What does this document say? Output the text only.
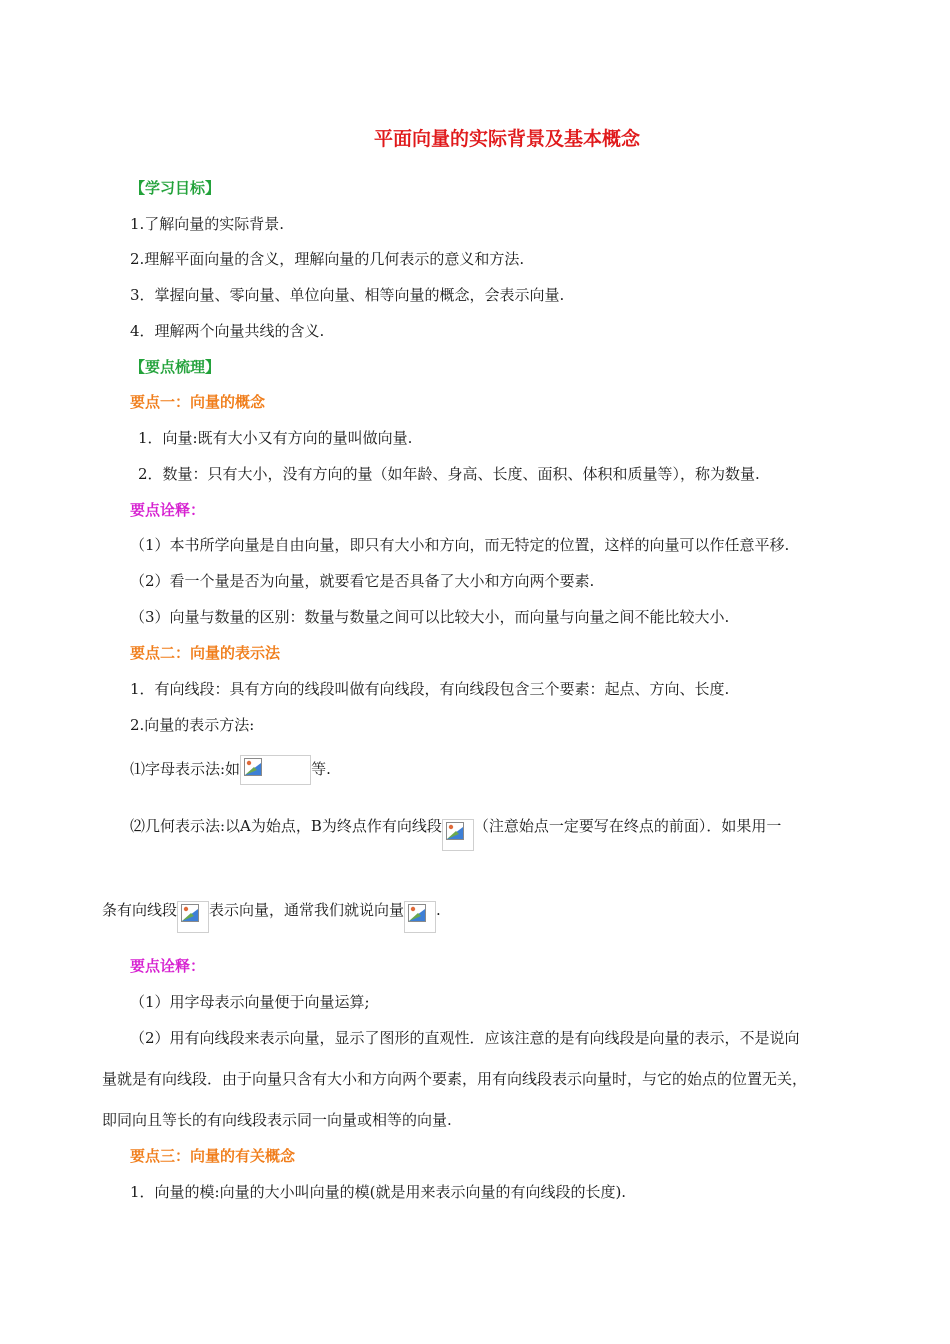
平面向量的实际背景及基本概念
【学习目标】
1.了解向量的实际背景.
2.理解平面向量的含义，理解向量的几何表示的意义和方法.
3．掌握向量、零向量、单位向量、相等向量的概念，会表示向量.
4．理解两个向量共线的含义.
【要点梳理】
要点一：向量的概念
1．向量:既有大小又有方向的量叫做向量.
2．数量：只有大小，没有方向的量（如年龄、身高、长度、面积、体积和质量等），称为数量.
要点诠释：
（1）本书所学向量是自由向量，即只有大小和方向，而无特定的位置，这样的向量可以作任意平移.
（2）看一个量是否为向量，就要看它是否具备了大小和方向两个要素.
（3）向量与数量的区别：数量与数量之间可以比较大小，而向量与向量之间不能比较大小.
要点二：向量的表示法
1．有向线段：具有方向的线段叫做有向线段，有向线段包含三个要素：起点、方向、长度.
2.向量的表示方法:
⑴字母表示法:如	等.
⑵几何表示法:以A为始点，B为终点作有向线段 （注意始点一定要写在终点的前面）．如果用一
条有向线段 表示向量，通常我们就说向量 .
要点诠释：
（1）用字母表示向量便于向量运算;
（2）用有向线段来表示向量，显示了图形的直观性．应该注意的是有向线段是向量的表示，不是说向
量就是有向线段．由于向量只含有大小和方向两个要素，用有向线段表示向量时，与它的始点的位置无关，
即同向且等长的有向线段表示同一向量或相等的向量.
要点三：向量的有关概念
1．向量的模:向量的大小叫向量的模(就是用来表示向量的有向线段的长度).
